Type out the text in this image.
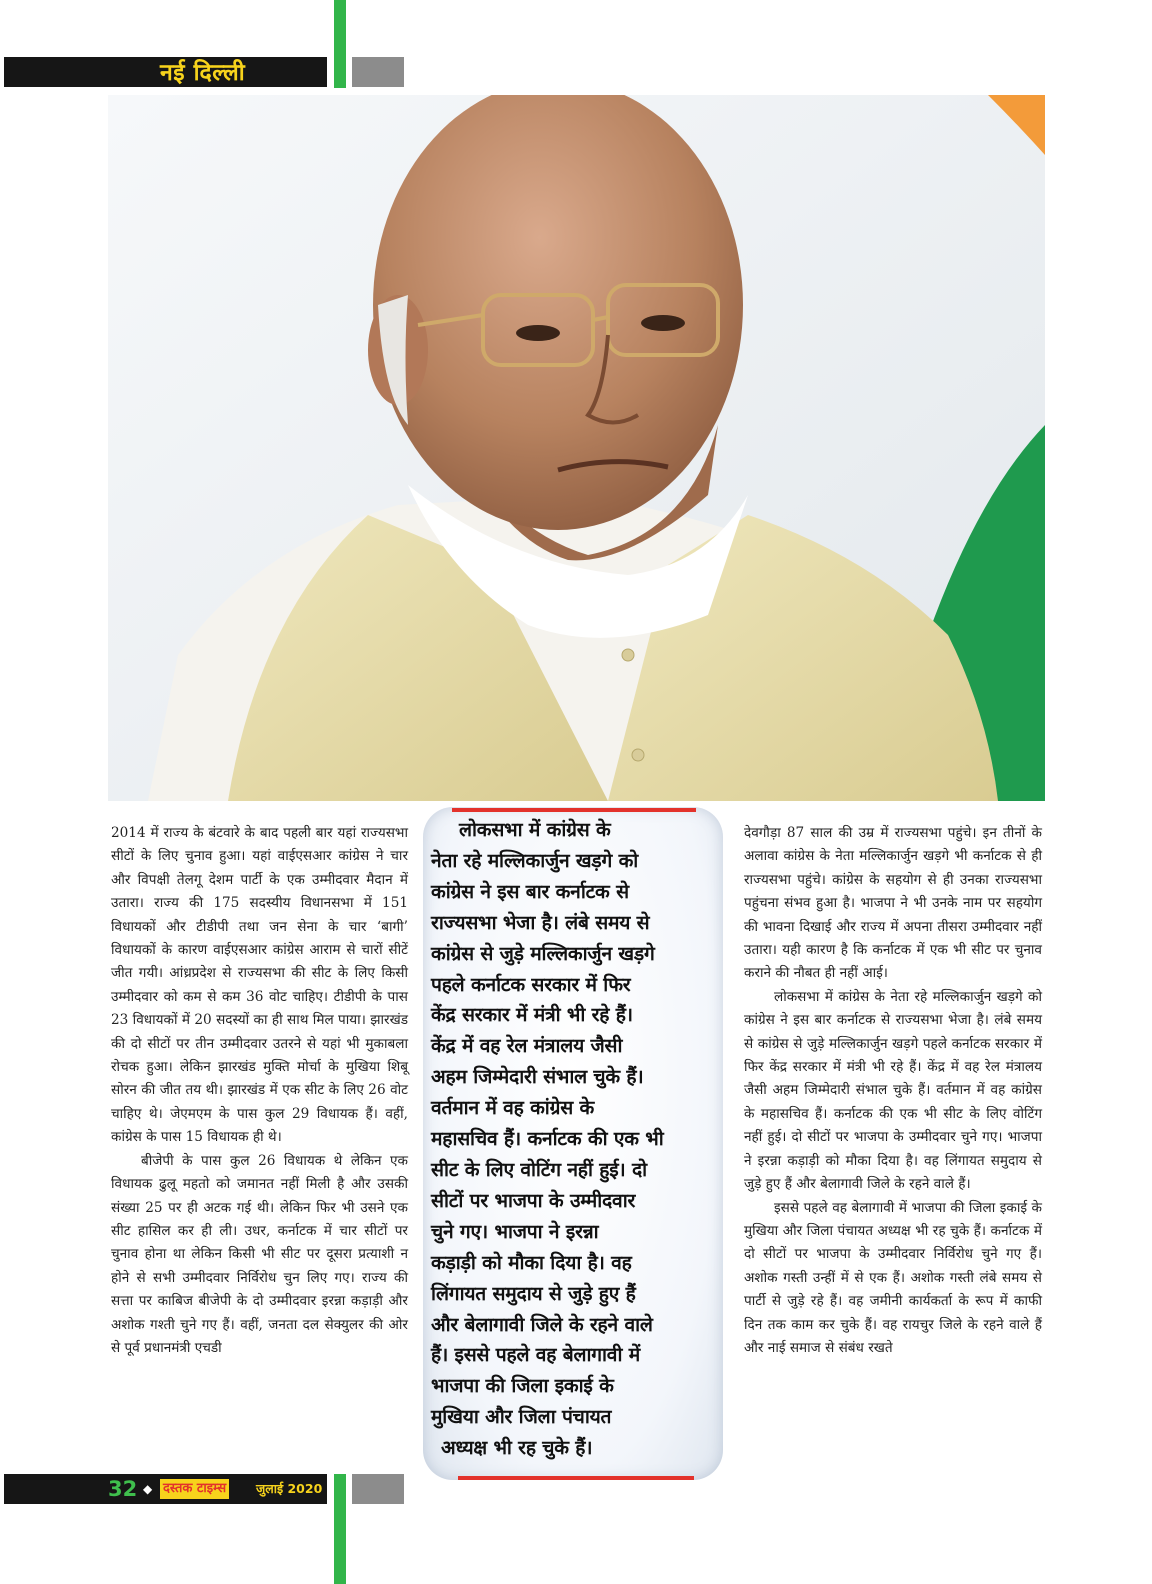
नई दिल्ली

2014 में राज्य के बंटवारे के बाद पहली बार यहां राज्यसभा सीटों के लिए चुनाव हुआ। यहां वाईएसआर कांग्रेस ने चार और विपक्षी तेलगू देशम पार्टी के एक उम्मीदवार मैदान में उतारा। राज्य की 175 सदस्यीय विधानसभा में 151 विधायकों और टीडीपी तथा जन सेना के चार ‘बागी’ विधायकों के कारण वाईएसआर कांग्रेस आराम से चारों सीटें जीत गयी। आंध्रप्रदेश से राज्यसभा की सीट के लिए किसी उम्मीदवार को कम से कम 36 वोट चाहिए। टीडीपी के पास 23 विधायकों में 20 सदस्यों का ही साथ मिल पाया। झारखंड की दो सीटों पर तीन उम्मीदवार उतरने से यहां भी मुकाबला रोचक हुआ। लेकिन झारखंड मुक्ति मोर्चा के मुखिया शिबू सोरन की जीत तय थी। झारखंड में एक सीट के लिए 26 वोट चाहिए थे। जेएमएम के पास कुल 29 विधायक हैं। वहीं, कांग्रेस के पास 15 विधायक ही थे।

बीजेपी के पास कुल 26 विधायक थे लेकिन एक विधायक ढुलू महतो को जमानत नहीं मिली है और उसकी संख्या 25 पर ही अटक गई थी। लेकिन फिर भी उसने एक सीट हासिल कर ही ली। उधर, कर्नाटक में चार सीटों पर चुनाव होना था लेकिन किसी भी सीट पर दूसरा प्रत्याशी न होने से सभी उम्मीदवार निर्विरोध चुन लिए गए। राज्य की सत्ता पर काबिज बीजेपी के दो उम्मीदवार इरन्ना कड़ाड़ी और अशोक गश्ती चुने गए हैं। वहीं, जनता दल सेक्युलर की ओर से पूर्व प्रधानमंत्री एचडी

लोकसभा में कांग्रेस के
नेता रहे मल्लिकार्जुन खड़गे को
कांग्रेस ने इस बार कर्नाटक से
राज्यसभा भेजा है। लंबे समय से
कांग्रेस से जुड़े मल्लिकार्जुन खड़गे
पहले कर्नाटक सरकार में फिर
केंद्र सरकार में मंत्री भी रहे हैं।
केंद्र में वह रेल मंत्रालय जैसी
अहम जिम्मेदारी संभाल चुके हैं।
वर्तमान में वह कांग्रेस के
महासचिव हैं। कर्नाटक की एक भी
सीट के लिए वोटिंग नहीं हुई। दो
सीटों पर भाजपा के उम्मीदवार
चुने गए। भाजपा ने इरन्ना
कड़ाड़ी को मौका दिया है। वह
लिंगायत समुदाय से जुड़े हुए हैं
और बेलागावी जिले के रहने वाले
हैं। इससे पहले वह बेलागावी में
भाजपा की जिला इकाई के
मुखिया और जिला पंचायत
अध्यक्ष भी रह चुके हैं।

देवगौड़ा 87 साल की उम्र में राज्यसभा पहुंचे। इन तीनों के अलावा कांग्रेस के नेता मल्लिकार्जुन खड़गे भी कर्नाटक से ही राज्यसभा पहुंचे। कांग्रेस के सहयोग से ही उनका राज्यसभा पहुंचना संभव हुआ है। भाजपा ने भी उनके नाम पर सहयोग की भावना दिखाई और राज्य में अपना तीसरा उम्मीदवार नहीं उतारा। यही कारण है कि कर्नाटक में एक भी सीट पर चुनाव कराने की नौबत ही नहीं आई।

लोकसभा में कांग्रेस के नेता रहे मल्लिकार्जुन खड़गे को कांग्रेस ने इस बार कर्नाटक से राज्यसभा भेजा है। लंबे समय से कांग्रेस से जुड़े मल्लिकार्जुन खड़गे पहले कर्नाटक सरकार में फिर केंद्र सरकार में मंत्री भी रहे हैं। केंद्र में वह रेल मंत्रालय जैसी अहम जिम्मेदारी संभाल चुके हैं। वर्तमान में वह कांग्रेस के महासचिव हैं। कर्नाटक की एक भी सीट के लिए वोटिंग नहीं हुई। दो सीटों पर भाजपा के उम्मीदवार चुने गए। भाजपा ने इरन्ना कड़ाड़ी को मौका दिया है। वह लिंगायत समुदाय से जुड़े हुए हैं और बेलागावी जिले के रहने वाले हैं।

इससे पहले वह बेलागावी में भाजपा की जिला इकाई के मुखिया और जिला पंचायत अध्यक्ष भी रह चुके हैं। कर्नाटक में दो सीटों पर भाजपा के उम्मीदवार निर्विरोध चुने गए हैं। अशोक गस्ती उन्हीं में से एक हैं। अशोक गस्ती लंबे समय से पार्टी से जुड़े रहे हैं। वह जमीनी कार्यकर्ता के रूप में काफी दिन तक काम कर चुके हैं। वह रायचुर जिले के रहने वाले हैं और नाई समाज से संबंध रखते

32 ◆ दस्तक टाइम्स जुलाई 2020
